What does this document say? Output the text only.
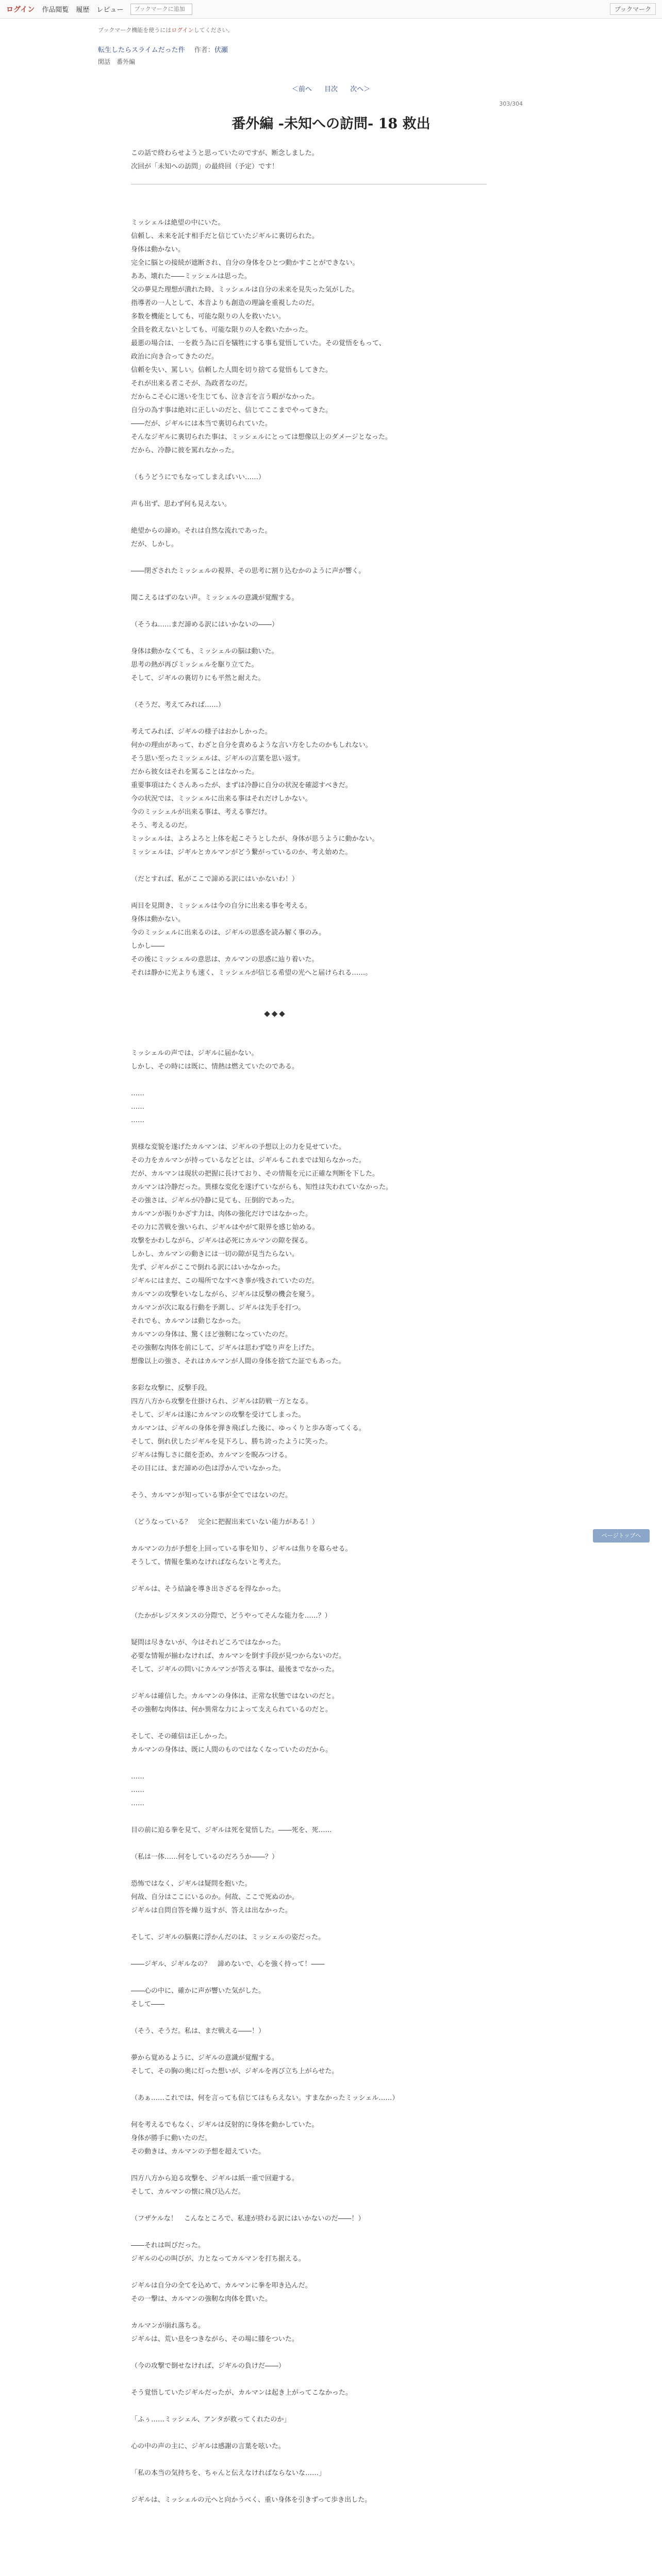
ログイン 作品閲覧 履歴 レビュー
ブックマークに追加	ブックマーク
ブックマーク機能を使うにはログインしてください。
転生したらスライムだった件 作者：伏瀬
閑話　番外編
＜前へ 目次 次へ＞
303/304
番外編 -未知への訪問- 18 救出
この話で終わらせようと思っていたのですが、断念しました。
次回が「未知への訪問」の最終回（予定）です！

ミッシェルは絶望の中にいた。

信頼し、未来を託す相手だと信じていたジギルに裏切られた。

身体は動かない。

完全に脳との接続が遮断され、自分の身体をひとつ動かすことができない。

ああ、壊れた――ミッシェルは思った。

父の夢見た理想が潰れた時、ミッシェルは自分の未来を見失った気がした。

指導者の一人として、本音よりも創造の理論を重視したのだ。

多数を機能としても、可能な限りの人を救いたい。

全員を救えないとしても、可能な限りの人を救いたかった。

最悪の場合は、一を救う為に百を犠牲にする事も覚悟していた。その覚悟をもって、

政治に向き合ってきたのだ。

信頼を失い、罵しい。信頼した人間を切り捨てる覚悟もしてきた。

それが出来る者こそが、為政者なのだ。

だからこそ心に迷いを生じても、泣き言を言う暇がなかった。

自分の為す事は絶対に正しいのだと、信じてここまでやってきた。

――だが、ジギルには本当で裏切られていた。

そんなジギルに裏切られた事は、ミッシェルにとっては想像以上のダメージとなった。

だから、冷静に彼を罵れなかった。

（もうどうにでもなってしまえばいい……）

声も出ず、思わず何も見えない。

絶望からの諦め。それは自然な流れであった。

だが、しかし。

――閉ざされたミッシェルの視界、その思考に割り込むかのように声が響く。

聞こえるはずのない声。ミッシェルの意識が覚醒する。

（そうね……まだ諦める訳にはいかないの――）

身体は動かなくても、ミッシェルの脳は動いた。

思考の熱が再びミッシェルを駆り立てた。

そして、ジギルの裏切りにも平然と耐えた。

（そうだ、考えてみれば……）

考えてみれば、ジギルの様子はおかしかった。

何かの理由があって、わざと自分を責めるような言い方をしたのかもしれない。

そう思い至ったミッシェルは、ジギルの言葉を思い返す。

だから彼女はそれを罵ることはなかった。

重要事項はたくさんあったが、まずは冷静に自分の状況を確認すべきだ。

今の状況では、ミッシェルに出来る事はそれだけしかない。

今のミッシェルが出来る事は、考える事だけ。

そう、考えるのだ。

ミッシェルは、よろよろと上体を起こそうとしたが、身体が思うように動かない。

ミッシェルは、ジギルとカルマンがどう繋がっているのか、考え始めた。

（だとすれば、私がここで諦める訳にはいかないわ！）

両目を見開き、ミッシェルは今の自分に出来る事を考える。

身体は動かない。

今のミッシェルに出来るのは、ジギルの思惑を読み解く事のみ。

しかし――

その後にミッシェルの意思は、カルマンの思惑に辿り着いた。

それは静かに光よりも速く、ミッシェルが信じる希望の光へと届けられる……。

◆◆◆

ミッシェルの声では、ジギルに届かない。

しかし、その時には既に、情熱は燃えていたのである。

……

……

……

異様な変貌を遂げたカルマンは、ジギルの予想以上の力を見せていた。

その力をカルマンが持っているなどとは、ジギルもこれまでは知らなかった。

だが、カルマンは現状の把握に長けており、その情報を元に正確な判断を下した。

カルマンは冷静だった。異様な変化を遂げていながらも、知性は失われていなかった。

その強さは、ジギルが冷静に見ても、圧倒的であった。

カルマンが振りかざす力は、肉体の強化だけではなかった。

その力に苦戦を強いられ、ジギルはやがて限界を感じ始める。

攻撃をかわしながら、ジギルは必死にカルマンの隙を探る。

しかし、カルマンの動きには一切の隙が見当たらない。

先ず、ジギルがここで倒れる訳にはいかなかった。

ジギルにはまだ、この場所でなすべき事が残されていたのだ。

カルマンの攻撃をいなしながら、ジギルは反撃の機会を窺う。

カルマンが次に取る行動を予測し、ジギルは先手を打つ。

それでも、カルマンは動じなかった。

カルマンの身体は、驚くほど強靭になっていたのだ。

その強靭な肉体を前にして、ジギルは思わず唸り声を上げた。

想像以上の強さ、それはカルマンが人間の身体を捨てた証でもあった。

多彩な攻撃に、反撃手段。

四方八方から攻撃を仕掛けられ、ジギルは防戦一方となる。

そして、ジギルは遂にカルマンの攻撃を受けてしまった。

カルマンは、ジギルの身体を弾き飛ばした後に、ゆっくりと歩み寄ってくる。

そして、倒れ伏したジギルを見下ろし、勝ち誇ったように笑った。

ジギルは悔しさに顔を歪め、カルマンを睨みつける。

その目には、まだ諦めの色は浮かんでいなかった。

そう、カルマンが知っている事が全てではないのだ。

（どうなっている？　完全に把握出来ていない能力がある！）

カルマンの力が予想を上回っている事を知り、ジギルは焦りを募らせる。

そうして、情報を集めなければならないと考えた。

ジギルは、そう結論を導き出さざるを得なかった。

（たかがレジスタンスの分際で、どうやってそんな能力を……？）

疑問は尽きないが、今はそれどころではなかった。

必要な情報が揃わなければ、カルマンを倒す手段が見つからないのだ。

そして、ジギルの問いにカルマンが答える事は、最後までなかった。

ジギルは確信した。カルマンの身体は、正常な状態ではないのだと。

その強靭な肉体は、何か異常な力によって支えられているのだと。

そして、その確信は正しかった。

カルマンの身体は、既に人間のものではなくなっていたのだから。

……

……

……

目の前に迫る拳を見て、ジギルは死を覚悟した。――死を、死……

（私は一体……何をしているのだろうか――？）

恐怖ではなく、ジギルは疑問を抱いた。

何故、自分はここにいるのか。何故、ここで死ぬのか。

ジギルは自問自答を繰り返すが、答えは出なかった。

そして、ジギルの脳裏に浮かんだのは、ミッシェルの姿だった。

――ジギル、ジギルなの？　諦めないで、心を強く持って！――

――心の中に、確かに声が響いた気がした。

そして――

（そう、そうだ。私は、まだ戦える――！）

夢から覚めるように、ジギルの意識が覚醒する。

そして、その胸の奥に灯った想いが、ジギルを再び立ち上がらせた。

（あぁ……これでは、何を言っても信じてはもらえない。すまなかったミッシェル……）

何を考えるでもなく、ジギルは反射的に身体を動かしていた。

身体が勝手に動いたのだ。

その動きは、カルマンの予想を超えていた。

四方八方から迫る攻撃を、ジギルは紙一重で回避する。

そして、カルマンの懐に飛び込んだ。

（フザケルな！　こんなところで、私達が終わる訳にはいかないのだ――！）

――それは叫びだった。

ジギルの心の叫びが、力となってカルマンを打ち据える。

ジギルは自分の全てを込めて、カルマンに拳を叩き込んだ。

その一撃は、カルマンの強靭な肉体を貫いた。

カルマンが崩れ落ちる。

ジギルは、荒い息をつきながら、その場に膝をついた。

（今の攻撃で倒せなければ、ジギルの負けだ――）

そう覚悟していたジギルだったが、カルマンは起き上がってこなかった。

「ふぅ……ミッシェル、アンタが救ってくれたのか」

心の中の声の主に、ジギルは感謝の言葉を呟いた。

「私の本当の気持ちを、ちゃんと伝えなければならないな……」

ジギルは、ミッシェルの元へと向かうべく、重い身体を引きずって歩き出した。

ページトップへ
